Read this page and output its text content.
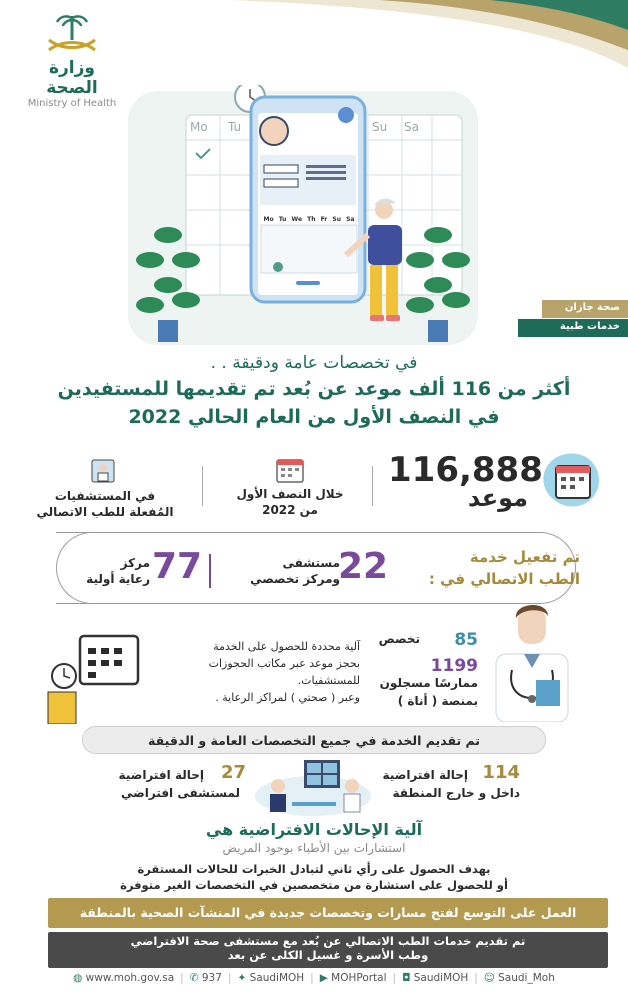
وزارة الصحة
Ministry of Health
Mo Tu	Su Sa
Mo Tu We Th Fr Su Sa
صحة جازان
خدمات طبية
في تخصصات عامة ودقيقة . .
أكثر من 116 ألف موعد عن بُعد تم تقديمها للمستفيدين
في النصف الأول من العام الحالي 2022
116,888
موعد
خلال النصف الأول
من 2022
في المستشفيات
المُفعلة للطب الاتصالي
تم تفعيل خدمة
الطب الاتصالي في :
22
مستشفى
ومركز تخصصي
77
مركز
رعاية أولية
85
تخصص
1199
ممارسًا مسجلون
بمنصة ( أناة )
آلية محددة للحصول على الخدمة
بحجز موعد عبر مكاتب الحجوزات
للمستشفيات.
وعبر ( صحتي ) لمراكز الرعاية .
تم تقديم الخدمة في جميع التخصصات العامة و الدقيقة
114
إحالة افتراضية
داخل و خارج المنطقة
27
إحالة افتراضية
لمستشفى افتراضي
آلية الإحالات الافتراضية هي
استشارات بين الأطباء بوجود المريض
بهدف الحصول على رأي ثاني لتبادل الخبرات للحالات المستقرة
أو للحصول على استشارة من متخصصين في التخصصات الغير متوفرة
العمل على التوسع لفتح مسارات وتخصصات جديدة في المنشآت الصحية بالمنطقة
تم تقديم خدمات الطب الاتصالي عن بُعد مع مستشفى صحة الافتراضي
وطب الأسرة و غسيل الكلى عن بعد
◍ www.moh.gov.sa | ✆ 937 | ✦ SaudiMOH | ▶ MOHPortal | ◘ SaudiMOH | ☺ Saudi_Moh
